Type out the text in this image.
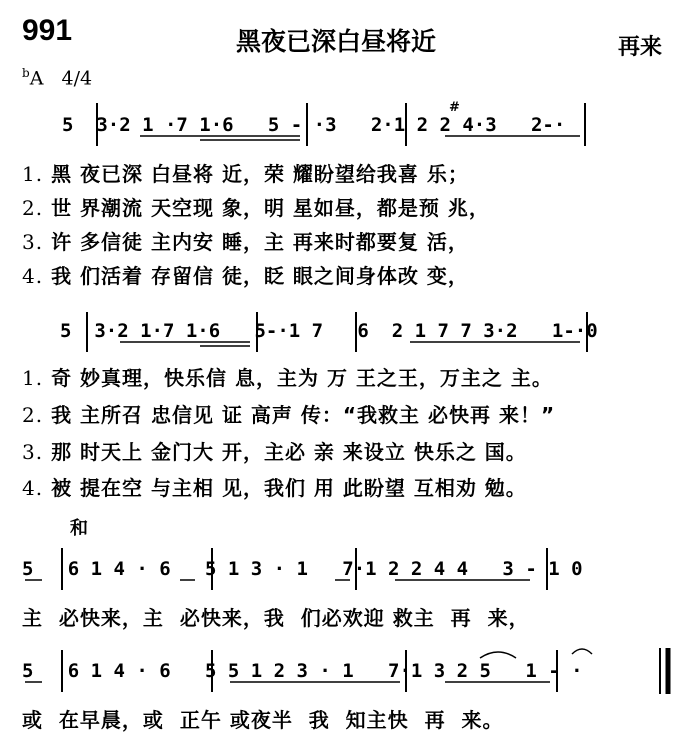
991	黑夜已深白昼将近	再来
$^b$A 4/4
5  3·2 1 ·7 1·6   5 - ·3   2·1 2 2 4·3   2-·
#
1. 黑 夜已深 白昼将 近，荣 耀盼望给我喜 乐；
2. 世 界潮流 天空现 象，明 星如昼，都是预 兆，
3. 许 多信徒 主内安 睡，主 再来时都要复 活，
4. 我 们活着 存留信 徒，眨 眼之间身体改 变，
5  3·2 1·7 1·6   5-·1 7   6  2 1 7 7 3·2   1-·0
1. 奇 妙真理，快乐信 息，主为 万 王之王，万主之 主。
2. 我 主所召 忠信见 证 高声 传：“我救主 必快再 来！”
3. 那 时天上 金门大 开，主必 亲 来设立 快乐之 国。
4. 被 提在空 与主相 见，我们 用 此盼望 互相劝 勉。
和
5   6 1 4 · 6   5 1 3 · 1   7·1 2 2 4 4   3 - 1 0
主  必快来，主  必快来，我  们必欢迎 救主  再  来，
5   6 1 4 · 6   5 5 1 2 3 · 1   7·1 3 2 5   1 - ·
或  在早晨，或  正午 或夜半  我  知主快  再  来。
